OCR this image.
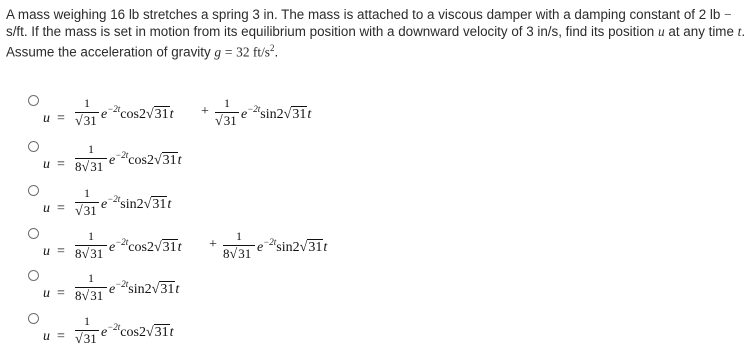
A mass weighing 16 lb stretches a spring 3 in. The mass is attached to a viscous damper with a damping constant of 2 lb − s/ft. If the mass is set in motion from its equilibrium position with a downward velocity of 3 in/s, find its position u at any time t. Assume the acceleration of gravity g = 32 $ft/s^2$.
u =
1
√31 $e^{-2t}\cos 2√31t$ +
1
√31 $e^{-2t}\sin 2√31t$
u =
1
8√31 $e^{-2t}\cos 2√31t$
u =
1
√31 $e^{-2t}\sin 2√31t$
u =
1
8√31 $e^{-2t}\cos 2√31t$ +
1
8√31 $e^{-2t}\sin 2√31t$
u =
1
8√31 $e^{-2t}\sin 2√31t$
u =
1
√31 $e^{-2t}\cos 2√31t$
